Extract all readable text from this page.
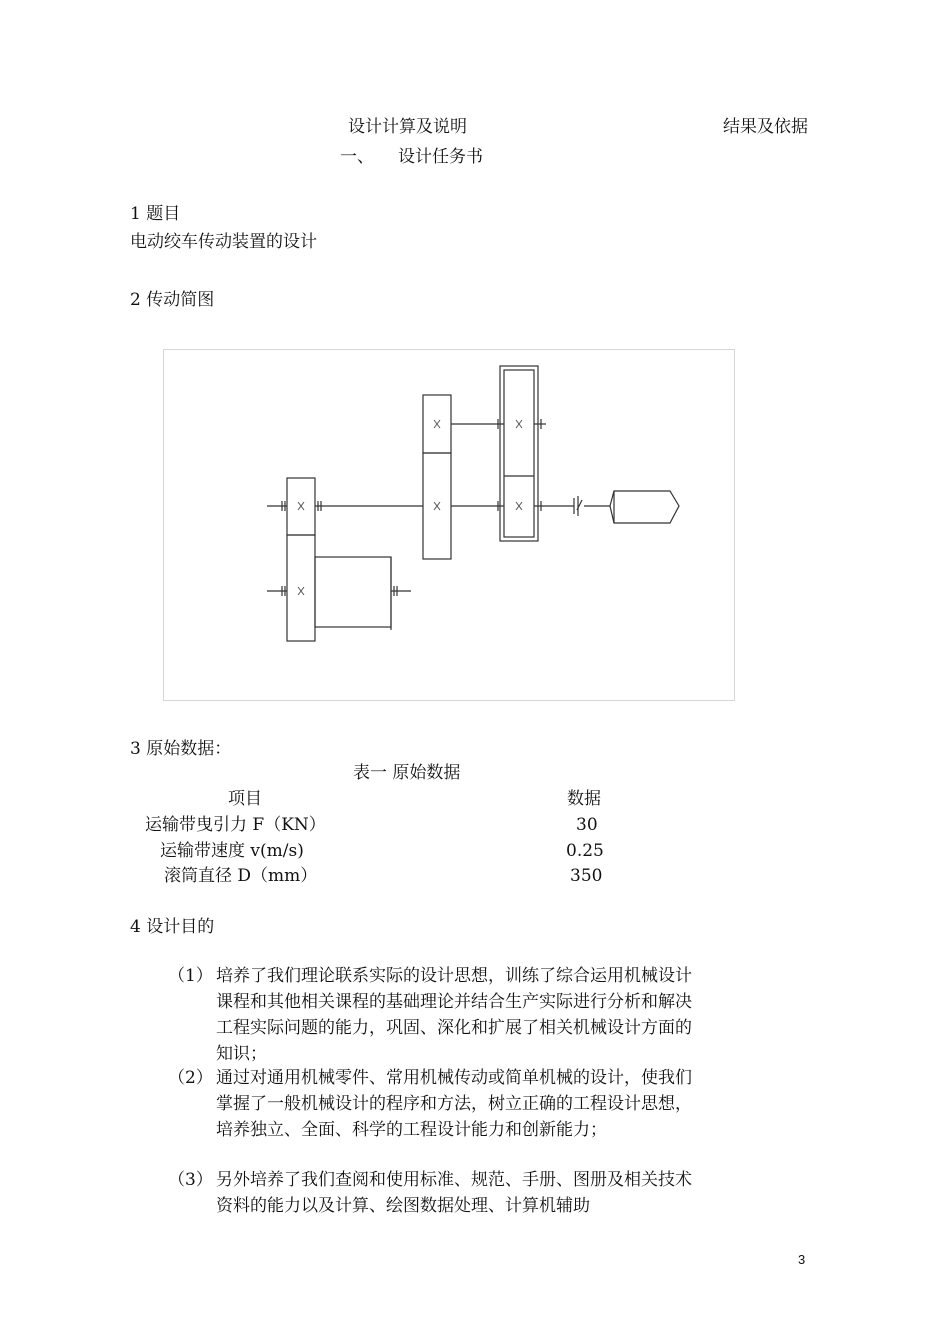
设计计算及说明	结果及依据
一、 设计任务书
1 题目
电动绞车传动装置的设计
2 传动简图
3 原始数据：
表一 原始数据
项目	数据
运输带曳引力 F（KN）	30
运输带速度 v(m/s)	0.25
滚筒直径 D（mm）	350
4 设计目的
（1） 培养了我们理论联系实际的设计思想，训练了综合运用机械设计课程和其他相关课程的基础理论并结合生产实际进行分析和解决工程实际问题的能力，巩固、深化和扩展了相关机械设计方面的知识；
（2） 通过对通用机械零件、常用机械传动或简单机械的设计，使我们掌握了一般机械设计的程序和方法，树立正确的工程设计思想，培养独立、全面、科学的工程设计能力和创新能力；
（3） 另外培养了我们查阅和使用标准、规范、手册、图册及相关技术资料的能力以及计算、绘图数据处理、计算机辅助
3
